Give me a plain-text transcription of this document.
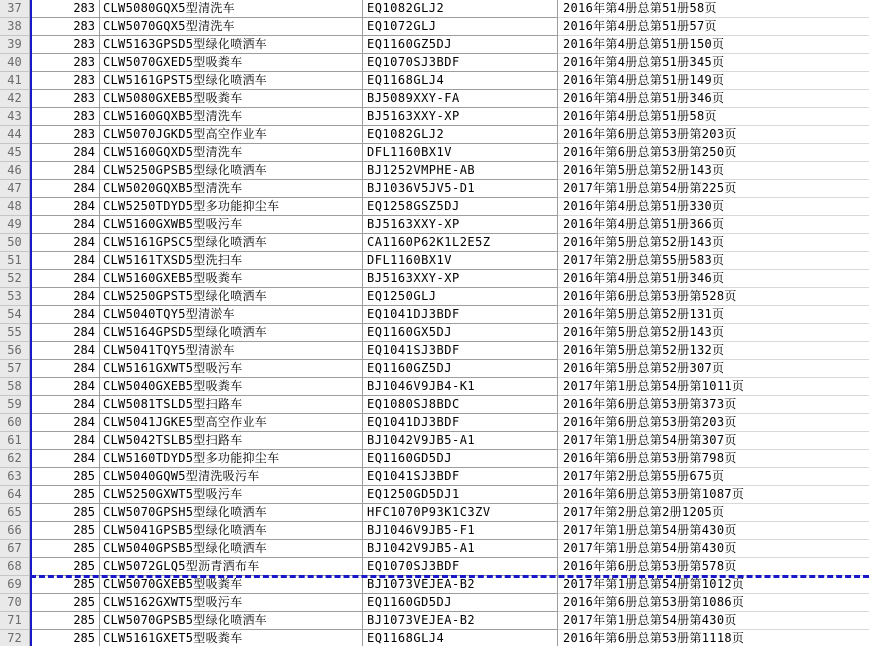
37	283 CLW5080GQX5型清洗车	EQ1082GLJ2	2016年第4册总第51册58页
38	283 CLW5070GQX5型清洗车	EQ1072GLJ	2016年第4册总第51册57页
39	283 CLW5163GPSD5型绿化喷洒车	EQ1160GZ5DJ	2016年第4册总第51册150页
40	283 CLW5070GXED5型吸粪车	EQ1070SJ3BDF	2016年第4册总第51册345页
41	283 CLW5161GPST5型绿化喷洒车	EQ1168GLJ4	2016年第4册总第51册149页
42	283 CLW5080GXEB5型吸粪车	BJ5089XXY-FA	2016年第4册总第51册346页
43	283 CLW5160GQXB5型清洗车	BJ5163XXY-XP	2016年第4册总第51册58页
44	283 CLW5070JGKD5型高空作业车	EQ1082GLJ2	2016年第6册总第53册第203页
45	284 CLW5160GQXD5型清洗车	DFL1160BX1V	2016年第6册总第53册第250页
46	284 CLW5250GPSB5型绿化喷洒车	BJ1252VMPHE-AB	2016年第5册总第52册143页
47	284 CLW5020GQXB5型清洗车	BJ1036V5JV5-D1	2017年第1册总第54册第225页
48	284 CLW5250TDYD5型多功能抑尘车	EQ1258GSZ5DJ	2016年第4册总第51册330页
49	284 CLW5160GXWB5型吸污车	BJ5163XXY-XP	2016年第4册总第51册366页
50	284 CLW5161GPSC5型绿化喷洒车	CA1160P62K1L2E5Z	2016年第5册总第52册143页
51	284 CLW5161TXSD5型洗扫车	DFL1160BX1V	2017年第2册总第55册583页
52	284 CLW5160GXEB5型吸粪车	BJ5163XXY-XP	2016年第4册总第51册346页
53	284 CLW5250GPST5型绿化喷洒车	EQ1250GLJ	2016年第6册总第53册第528页
54	284 CLW5040TQY5型清淤车	EQ1041DJ3BDF	2016年第5册总第52册131页
55	284 CLW5164GPSD5型绿化喷洒车	EQ1160GX5DJ	2016年第5册总第52册143页
56	284 CLW5041TQY5型清淤车	EQ1041SJ3BDF	2016年第5册总第52册132页
57	284 CLW5161GXWT5型吸污车	EQ1160GZ5DJ	2016年第5册总第52册307页
58	284 CLW5040GXEB5型吸粪车	BJ1046V9JB4-K1	2017年第1册总第54册第1011页
59	284 CLW5081TSLD5型扫路车	EQ1080SJ8BDC	2016年第6册总第53册第373页
60	284 CLW5041JGKE5型高空作业车	EQ1041DJ3BDF	2016年第6册总第53册第203页
61	284 CLW5042TSLB5型扫路车	BJ1042V9JB5-A1	2017年第1册总第54册第307页
62	284 CLW5160TDYD5型多功能抑尘车	EQ1160GD5DJ	2016年第6册总第53册第798页
63	285 CLW5040GQW5型清洗吸污车	EQ1041SJ3BDF	2017年第2册总第55册675页
64	285 CLW5250GXWT5型吸污车	EQ1250GD5DJ1	2016年第6册总第53册第1087页
65	285 CLW5070GPSH5型绿化喷洒车	HFC1070P93K1C3ZV	2017年第2册总第2册1205页
66	285 CLW5041GPSB5型绿化喷洒车	BJ1046V9JB5-F1	2017年第1册总第54册第430页
67	285 CLW5040GPSB5型绿化喷洒车	BJ1042V9JB5-A1	2017年第1册总第54册第430页
68	285 CLW5072GLQ5型沥青洒布车	EQ1070SJ3BDF	2016年第6册总第53册第578页
69	285 CLW5070GXEB5型吸粪车	BJ1073VEJEA-B2	2017年第1册总第54册第1012页
70	285 CLW5162GXWT5型吸污车	EQ1160GD5DJ	2016年第6册总第53册第1086页
71	285 CLW5070GPSB5型绿化喷洒车	BJ1073VEJEA-B2	2017年第1册总第54册第430页
72	285 CLW5161GXET5型吸粪车	EQ1168GLJ4	2016年第6册总第53册第1118页
